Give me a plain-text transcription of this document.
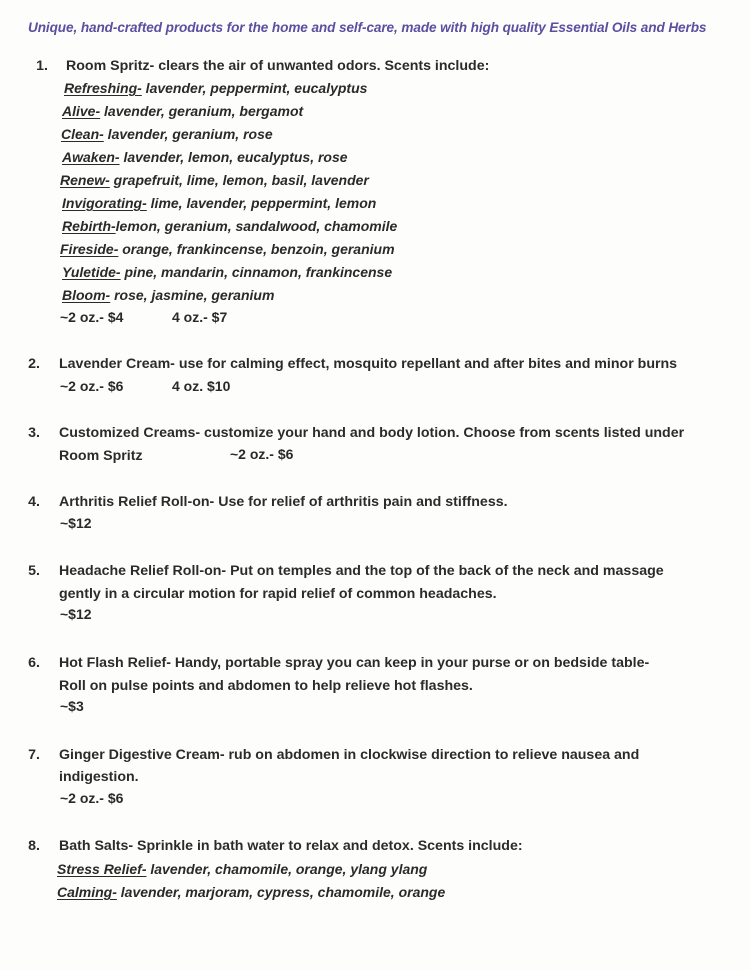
Unique, hand-crafted products for the home and self-care, made with high quality Essential Oils and Herbs
1. Room Spritz- clears the air of unwanted odors. Scents include:
Refreshing- lavender, peppermint, eucalyptus
Alive- lavender, geranium, bergamot
Clean- lavender, geranium, rose
Awaken- lavender, lemon, eucalyptus, rose
Renew- grapefruit, lime, lemon, basil, lavender
Invigorating- lime, lavender, peppermint, lemon
Rebirth-lemon, geranium, sandalwood, chamomile
Fireside- orange, frankincense, benzoin, geranium
Yuletide- pine, mandarin, cinnamon, frankincense
Bloom- rose, jasmine, geranium
~2 oz.- $4	4 oz.- $7
2. Lavender Cream- use for calming effect, mosquito repellant and after bites and minor burns
~2 oz.- $6	4 oz. $10
3. Customized Creams- customize your hand and body lotion. Choose from scents listed under
Room Spritz	~2 oz.- $6
4. Arthritis Relief Roll-on- Use for relief of arthritis pain and stiffness.
~$12
5. Headache Relief Roll-on- Put on temples and the top of the back of the neck and massage
gently in a circular motion for rapid relief of common headaches.
~$12
6. Hot Flash Relief- Handy, portable spray you can keep in your purse or on bedside table-
Roll on pulse points and abdomen to help relieve hot flashes.
~$3
7. Ginger Digestive Cream- rub on abdomen in clockwise direction to relieve nausea and
indigestion.
~2 oz.- $6
8. Bath Salts- Sprinkle in bath water to relax and detox. Scents include:
Stress Relief- lavender, chamomile, orange, ylang ylang
Calming- lavender, marjoram, cypress, chamomile, orange
